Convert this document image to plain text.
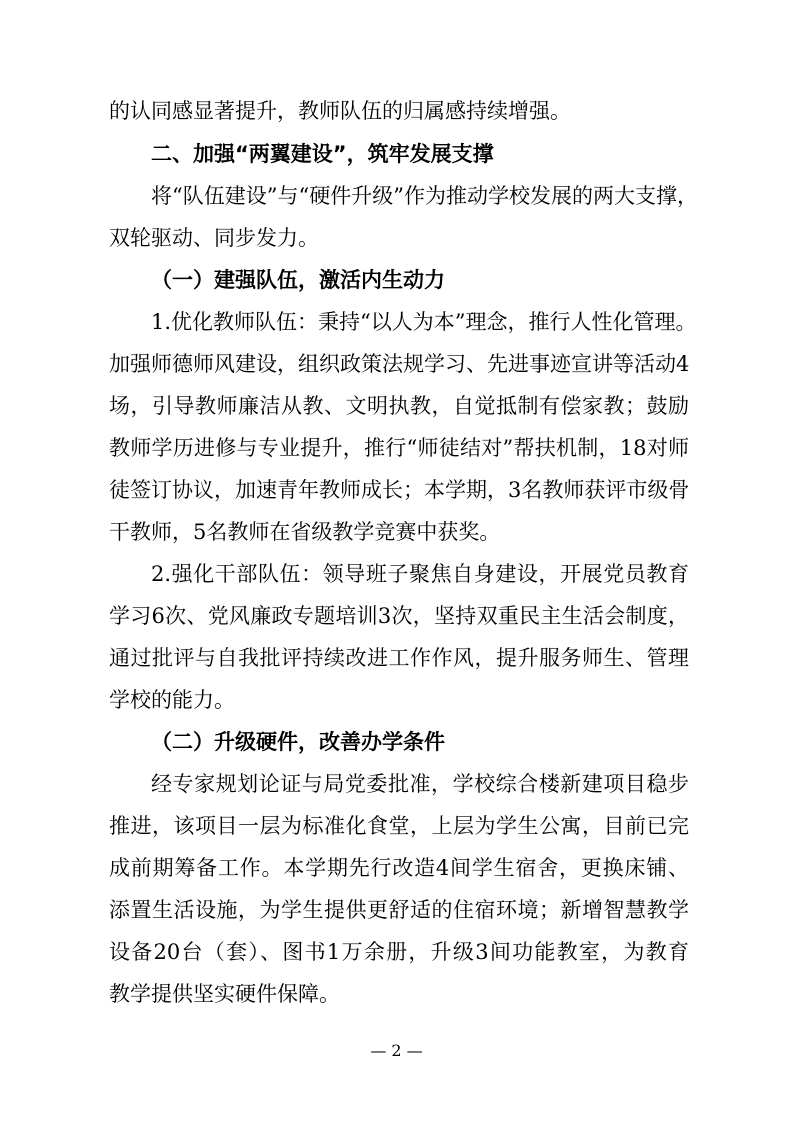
的认同感显著提升，教师队伍的归属感持续增强。
二、加强“两翼建设”，筑牢发展支撑
将“队伍建设”与“硬件升级”作为推动学校发展的两大支撑，
双轮驱动、同步发力。
（一）建强队伍，激活内生动力
1.优化教师队伍：秉持“以人为本”理念，推行人性化管理。
加强师德师风建设，组织政策法规学习、先进事迹宣讲等活动4
场，引导教师廉洁从教、文明执教，自觉抵制有偿家教；鼓励
教师学历进修与专业提升，推行“师徒结对”帮扶机制，18对师
徒签订协议，加速青年教师成长；本学期，3名教师获评市级骨
干教师，5名教师在省级教学竞赛中获奖。
2.强化干部队伍：领导班子聚焦自身建设，开展党员教育
学习6次、党风廉政专题培训3次，坚持双重民主生活会制度，
通过批评与自我批评持续改进工作作风，提升服务师生、管理
学校的能力。
（二）升级硬件，改善办学条件
经专家规划论证与局党委批准，学校综合楼新建项目稳步
推进，该项目一层为标准化食堂，上层为学生公寓，目前已完
成前期筹备工作。本学期先行改造4间学生宿舍，更换床铺、
添置生活设施，为学生提供更舒适的住宿环境；新增智慧教学
设备20台（套）、图书1万余册，升级3间功能教室，为教育
教学提供坚实硬件保障。
— 2 —
